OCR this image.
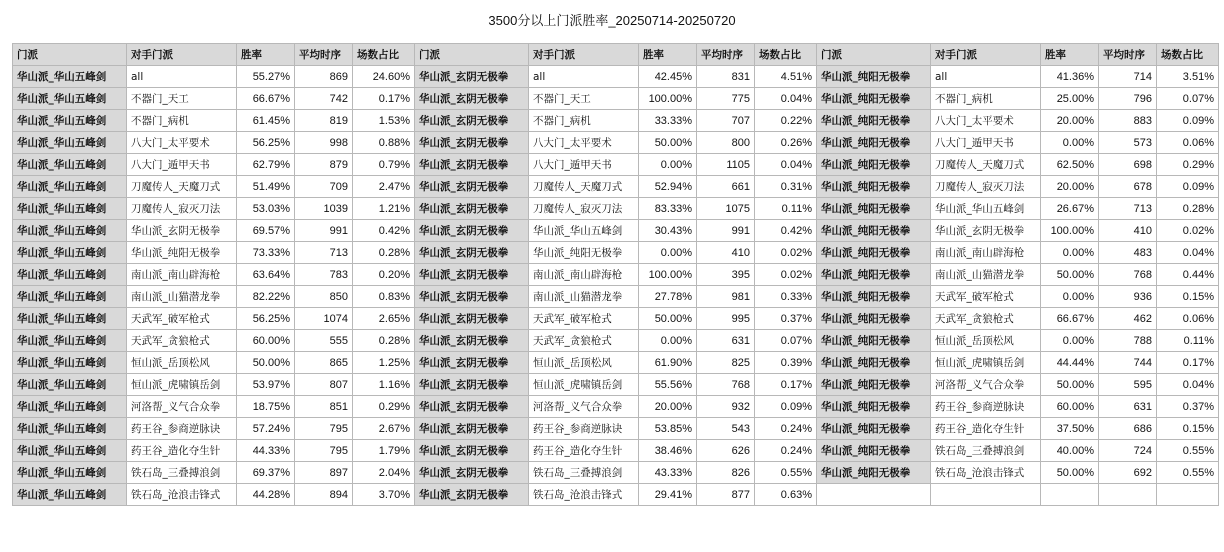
3500分以上门派胜率_20250714-20250720
门派	对手门派	胜率	平均时序	场数占比	门派	对手门派	胜率	平均时序	场数占比	门派	对手门派	胜率	平均时序	场数占比
华山派_华山五峰剑	all	55.27%	869	24.60%	华山派_玄阴无极拳	all	42.45%	831	4.51%	华山派_纯阳无极拳	all	41.36%	714	3.51%
华山派_华山五峰剑	不器门_天工	66.67%	742	0.17%	华山派_玄阴无极拳	不器门_天工	100.00%	775	0.04%	华山派_纯阳无极拳	不器门_病机	25.00%	796	0.07%
华山派_华山五峰剑	不器门_病机	61.45%	819	1.53%	华山派_玄阴无极拳	不器门_病机	33.33%	707	0.22%	华山派_纯阳无极拳	八大门_太平要术	20.00%	883	0.09%
华山派_华山五峰剑	八大门_太平要术	56.25%	998	0.88%	华山派_玄阴无极拳	八大门_太平要术	50.00%	800	0.26%	华山派_纯阳无极拳	八大门_遁甲天书	0.00%	573	0.06%
华山派_华山五峰剑	八大门_遁甲天书	62.79%	879	0.79%	华山派_玄阴无极拳	八大门_遁甲天书	0.00%	1105	0.04%	华山派_纯阳无极拳	刀魔传人_天魔刀式	62.50%	698	0.29%
华山派_华山五峰剑	刀魔传人_天魔刀式	51.49%	709	2.47%	华山派_玄阴无极拳	刀魔传人_天魔刀式	52.94%	661	0.31%	华山派_纯阳无极拳	刀魔传人_寂灭刀法	20.00%	678	0.09%
华山派_华山五峰剑	刀魔传人_寂灭刀法	53.03%	1039	1.21%	华山派_玄阴无极拳	刀魔传人_寂灭刀法	83.33%	1075	0.11%	华山派_纯阳无极拳	华山派_华山五峰剑	26.67%	713	0.28%
华山派_华山五峰剑	华山派_玄阴无极拳	69.57%	991	0.42%	华山派_玄阴无极拳	华山派_华山五峰剑	30.43%	991	0.42%	华山派_纯阳无极拳	华山派_玄阴无极拳	100.00%	410	0.02%
华山派_华山五峰剑	华山派_纯阳无极拳	73.33%	713	0.28%	华山派_玄阴无极拳	华山派_纯阳无极拳	0.00%	410	0.02%	华山派_纯阳无极拳	南山派_南山辟海枪	0.00%	483	0.04%
华山派_华山五峰剑	南山派_南山辟海枪	63.64%	783	0.20%	华山派_玄阴无极拳	南山派_南山辟海枪	100.00%	395	0.02%	华山派_纯阳无极拳	南山派_山猫潜龙拳	50.00%	768	0.44%
华山派_华山五峰剑	南山派_山猫潜龙拳	82.22%	850	0.83%	华山派_玄阴无极拳	南山派_山猫潜龙拳	27.78%	981	0.33%	华山派_纯阳无极拳	天武军_破军枪式	0.00%	936	0.15%
华山派_华山五峰剑	天武军_破军枪式	56.25%	1074	2.65%	华山派_玄阴无极拳	天武军_破军枪式	50.00%	995	0.37%	华山派_纯阳无极拳	天武军_贪狼枪式	66.67%	462	0.06%
华山派_华山五峰剑	天武军_贪狼枪式	60.00%	555	0.28%	华山派_玄阴无极拳	天武军_贪狼枪式	0.00%	631	0.07%	华山派_纯阳无极拳	恒山派_岳顶松风	0.00%	788	0.11%
华山派_华山五峰剑	恒山派_岳顶松风	50.00%	865	1.25%	华山派_玄阴无极拳	恒山派_岳顶松风	61.90%	825	0.39%	华山派_纯阳无极拳	恒山派_虎啸镇岳剑	44.44%	744	0.17%
华山派_华山五峰剑	恒山派_虎啸镇岳剑	53.97%	807	1.16%	华山派_玄阴无极拳	恒山派_虎啸镇岳剑	55.56%	768	0.17%	华山派_纯阳无极拳	河洛帮_义气合众拳	50.00%	595	0.04%
华山派_华山五峰剑	河洛帮_义气合众拳	18.75%	851	0.29%	华山派_玄阴无极拳	河洛帮_义气合众拳	20.00%	932	0.09%	华山派_纯阳无极拳	药王谷_参商逆脉诀	60.00%	631	0.37%
华山派_华山五峰剑	药王谷_参商逆脉诀	57.24%	795	2.67%	华山派_玄阴无极拳	药王谷_参商逆脉诀	53.85%	543	0.24%	华山派_纯阳无极拳	药王谷_造化夺生针	37.50%	686	0.15%
华山派_华山五峰剑	药王谷_造化夺生针	44.33%	795	1.79%	华山派_玄阴无极拳	药王谷_造化夺生针	38.46%	626	0.24%	华山派_纯阳无极拳	铁石岛_三叠搏浪剑	40.00%	724	0.55%
华山派_华山五峰剑	铁石岛_三叠搏浪剑	69.37%	897	2.04%	华山派_玄阴无极拳	铁石岛_三叠搏浪剑	43.33%	826	0.55%	华山派_纯阳无极拳	铁石岛_沧浪击锋式	50.00%	692	0.55%
华山派_华山五峰剑	铁石岛_沧浪击锋式	44.28%	894	3.70%	华山派_玄阴无极拳	铁石岛_沧浪击锋式	29.41%	877	0.63%					
